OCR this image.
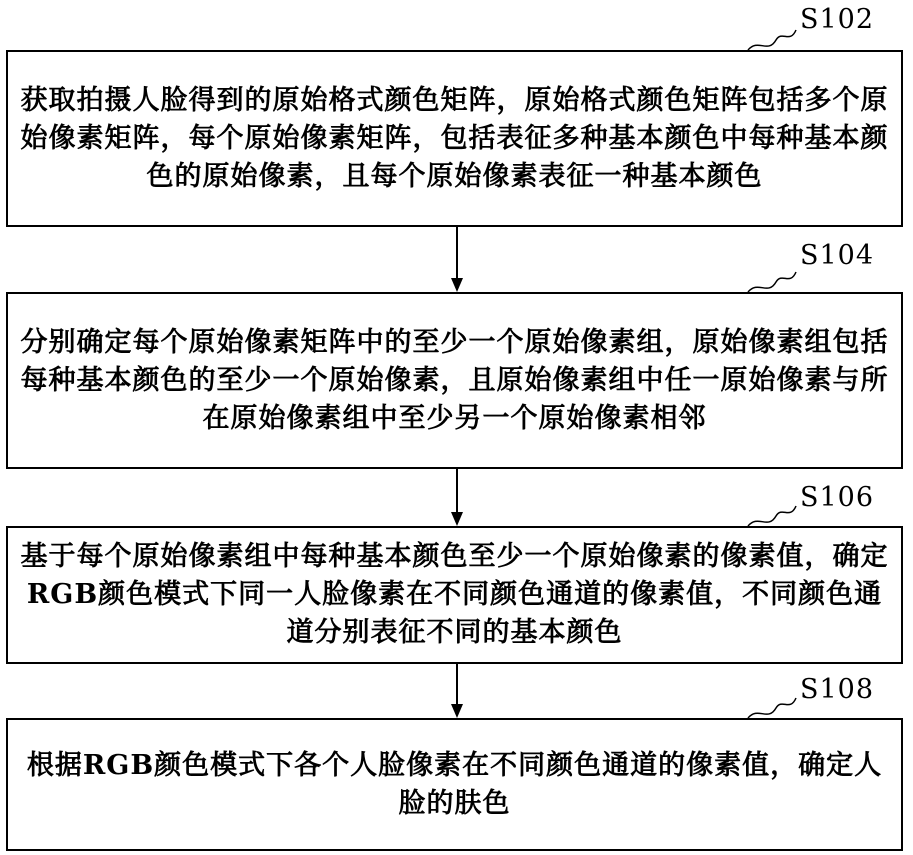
S102
S104
S106
S108
获取拍摄人脸得到的原始格式颜色矩阵，原始格式颜色矩阵包括多个原始像素矩阵，每个原始像素矩阵，包括表征多种基本颜色中每种基本颜色的原始像素，且每个原始像素表征一种基本颜色
分别确定每个原始像素矩阵中的至少一个原始像素组，原始像素组包括每种基本颜色的至少一个原始像素，且原始像素组中任一原始像素与所在原始像素组中至少另一个原始像素相邻
基于每个原始像素组中每种基本颜色至少一个原始像素的像素值，确定RGB颜色模式下同一人脸像素在不同颜色通道的像素值，不同颜色通道分别表征不同的基本颜色
根据RGB颜色模式下各个人脸像素在不同颜色通道的像素值，确定人脸的肤色
